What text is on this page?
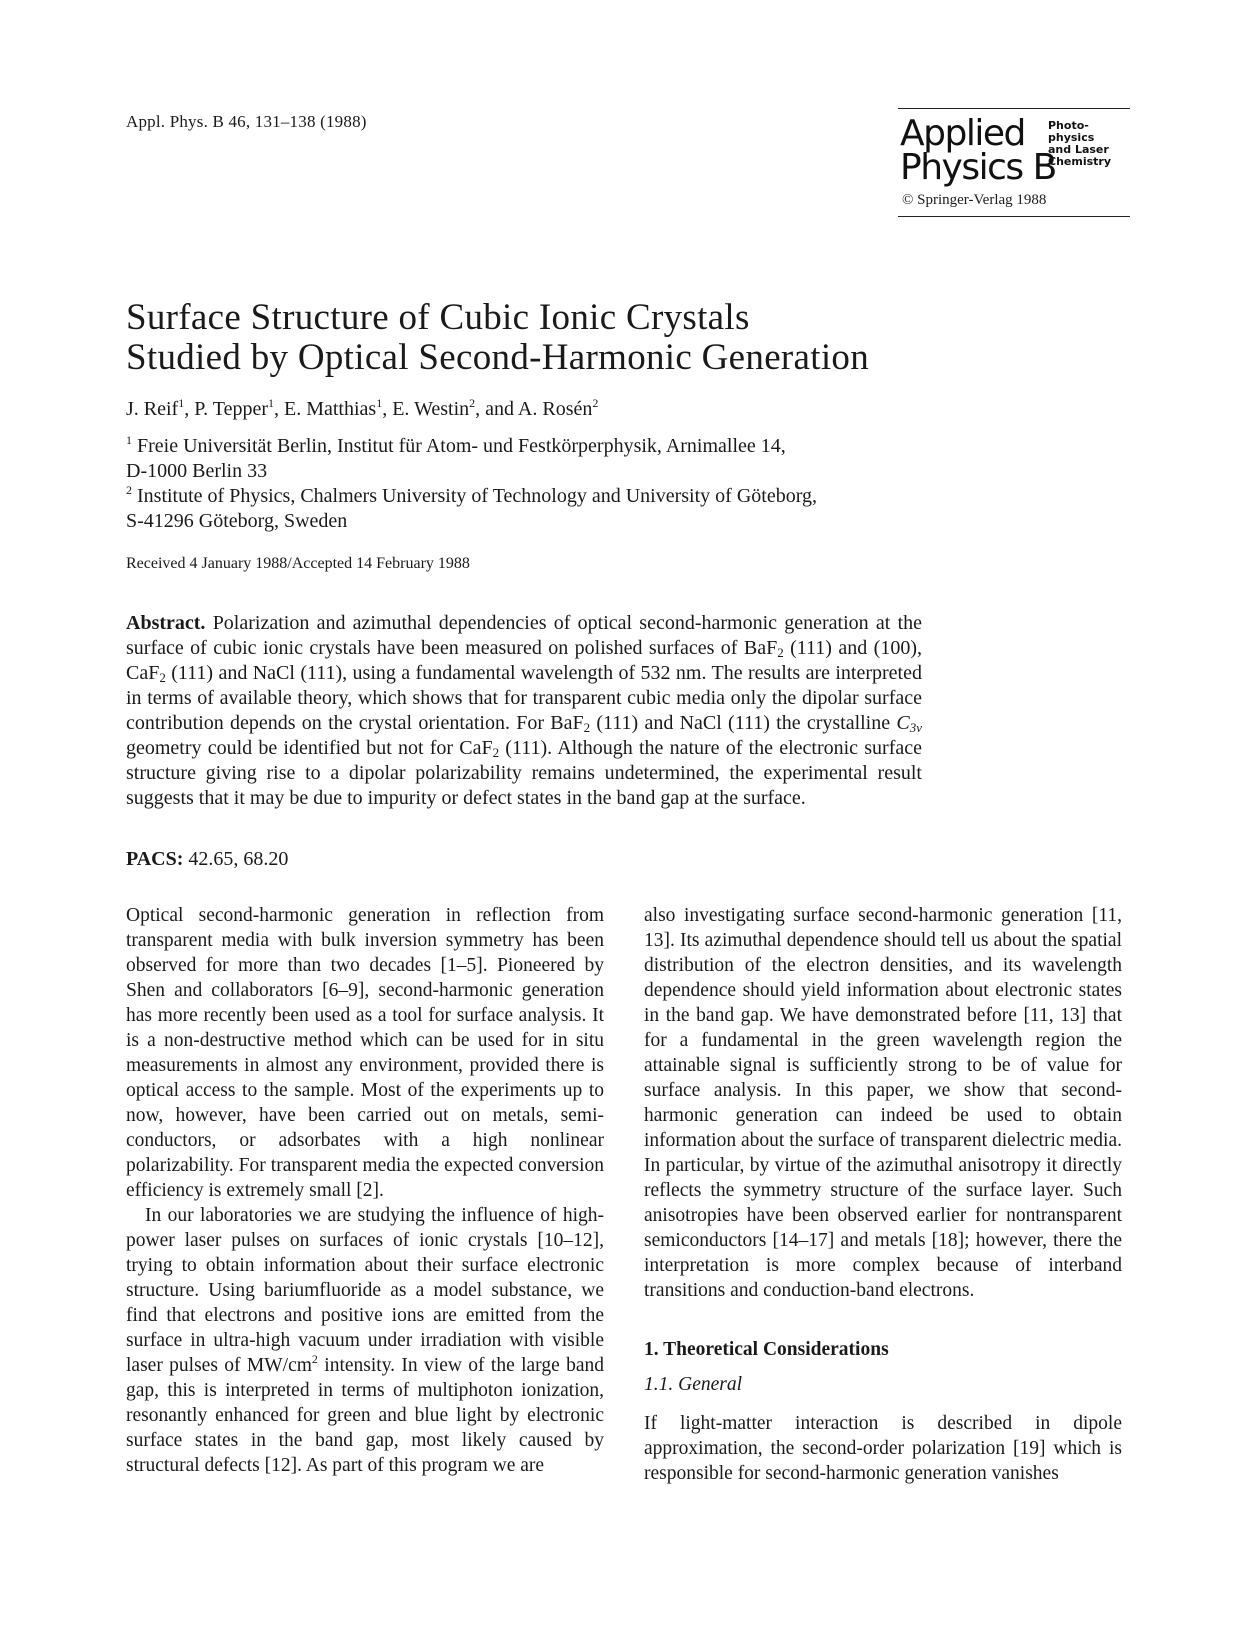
Appl. Phys. B 46, 131–138 (1988)	Applied
Physics B
Photo-
physics
and Laser
Chemistry
© Springer-Verlag 1988
Surface Structure of Cubic Ionic Crystals
Studied by Optical Second-Harmonic Generation
J. Reif$^1$, P. Tepper$^1$, E. Matthias$^1$, E. Westin$^2$, and A. Rosén$^2$
$^1$ Freie Universität Berlin, Institut für Atom- und Festkörperphysik, Arnimallee 14,
D-1000 Berlin 33
$^2$ Institute of Physics, Chalmers University of Technology and University of Göteborg,
S-41296 Göteborg, Sweden
Received 4 January 1988/Accepted 14 February 1988
Abstract. Polarization and azimuthal dependencies of optical second-harmonic generation at the surface of cubic ionic crystals have been measured on polished surfaces of BaF$_2$ (111) and (100), CaF$_2$ (111) and NaCl (111), using a fundamental wavelength of 532 nm. The results are interpreted in terms of available theory, which shows that for transparent cubic media only the dipolar surface contribution depends on the crystal orientation. For BaF$_2$ (111) and NaCl (111) the crystalline $C_{3v}$ geometry could be identified but not for CaF$_2$ (111). Although the nature of the electronic surface structure giving rise to a dipolar polarizability remains undetermined, the experimental result suggests that it may be due to impurity or defect states in the band gap at the surface.
PACS: 42.65, 68.20

Optical second-harmonic generation in reflection from transparent media with bulk inversion symmetry has been observed for more than two decades [1–5]. Pioneered by Shen and collaborators [6–9], second-harmonic generation has more recently been used as a tool for surface analysis. It is a non-destructive method which can be used for in situ measurements in almost any environment, provided there is optical access to the sample. Most of the experiments up to now, however, have been carried out on metals, semi-conductors, or adsorbates with a high nonlinear polarizability. For transparent media the expected conversion efficiency is extremely small [2].

In our laboratories we are studying the influence of high-power laser pulses on surfaces of ionic crystals [10–12], trying to obtain information about their surface electronic structure. Using bariumfluoride as a model substance, we find that electrons and positive ions are emitted from the surface in ultra-high vacuum under irradiation with visible laser pulses of $MW/cm^2$ intensity. In view of the large band gap, this is interpreted in terms of multiphoton ionization, resonantly enhanced for green and blue light by electronic surface states in the band gap, most likely caused by structural defects [12]. As part of this program we are

also investigating surface second-harmonic generation [11, 13]. Its azimuthal dependence should tell us about the spatial distribution of the electron densities, and its wavelength dependence should yield information about electronic states in the band gap. We have demonstrated before [11, 13] that for a fundamental in the green wavelength region the attainable signal is sufficiently strong to be of value for surface analysis. In this paper, we show that second-harmonic generation can indeed be used to obtain information about the surface of transparent dielectric media. In particular, by virtue of the azimuthal anisotropy it directly reflects the symmetry structure of the surface layer. Such anisotropies have been observed earlier for nontransparent semiconductors [14–17] and metals [18]; however, there the interpretation is more complex because of interband transitions and conduction-band electrons.

1. Theoretical Considerations

1.1. General

If light-matter interaction is described in dipole approximation, the second-order polarization [19] which is responsible for second-harmonic generation vanishes
